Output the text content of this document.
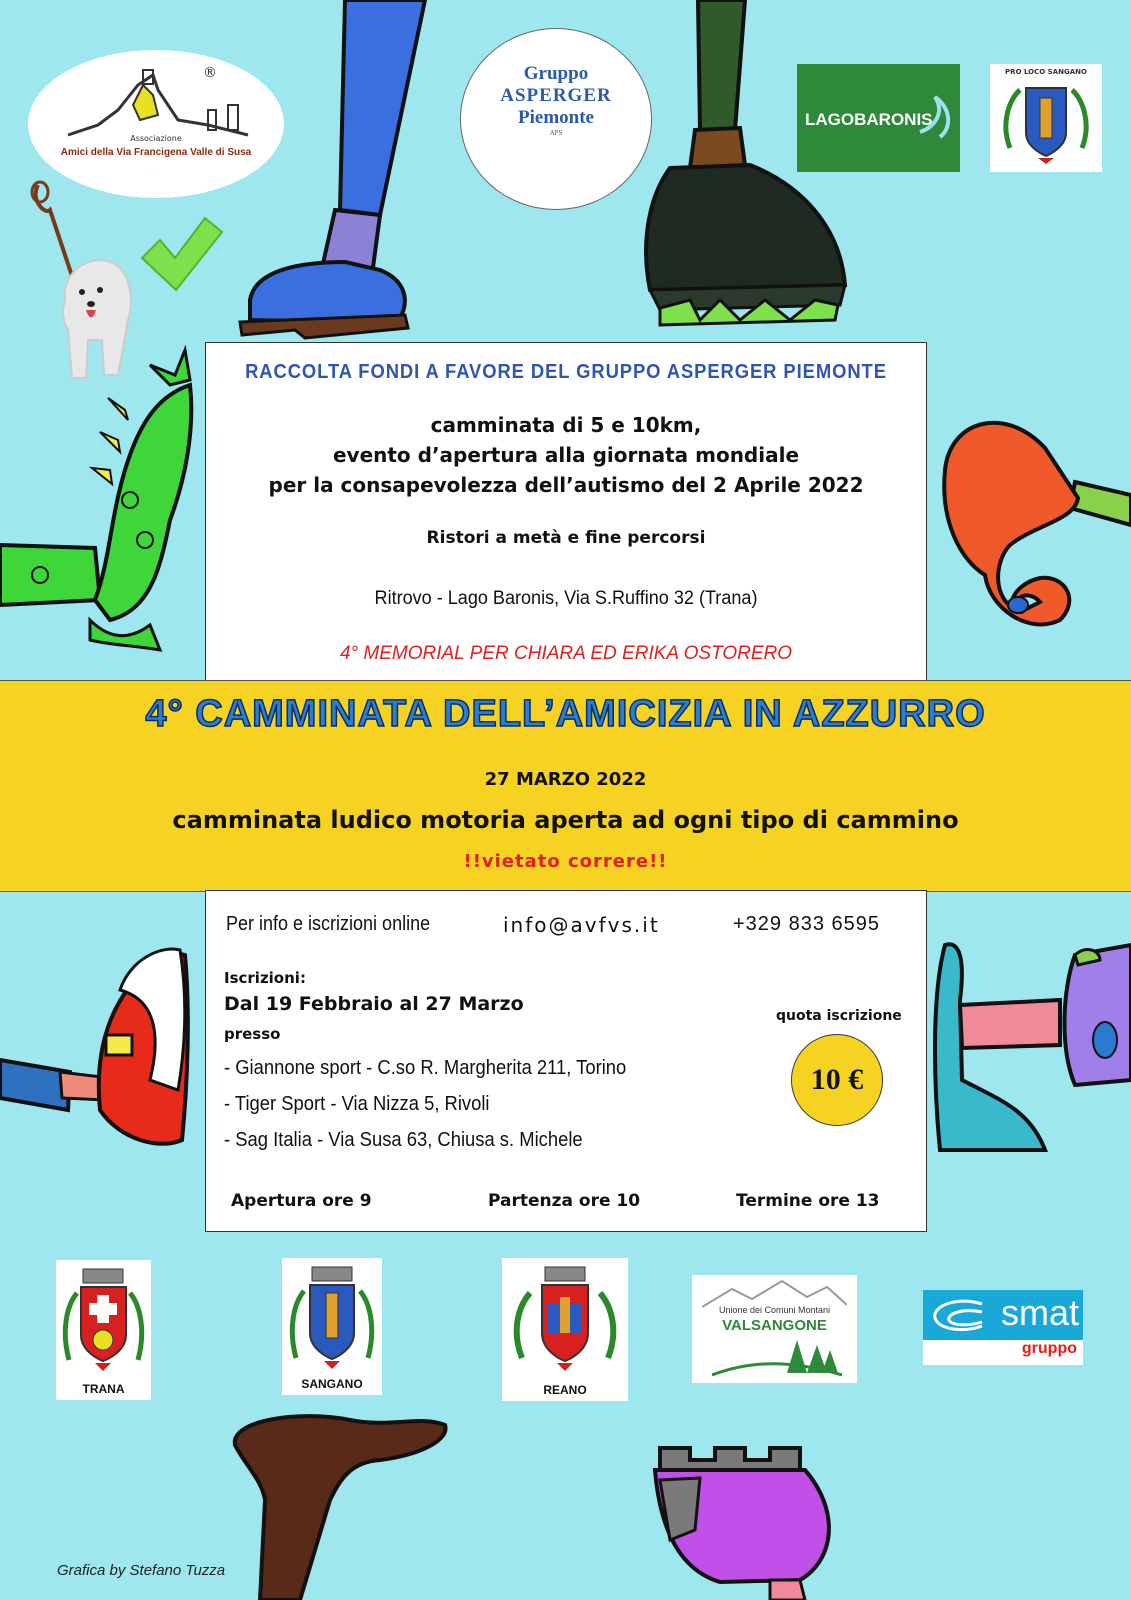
®
Associazione
Amici della Via Francigena Valle di Susa
Gruppo
ASPERGER
Piemonte
APS
LAGOBARONIS
PRO LOCO SANGANO
RACCOLTA FONDI A FAVORE DEL GRUPPO ASPERGER PIEMONTE
camminata di 5 e 10km,
evento d’apertura alla giornata mondiale
per la consapevolezza dell’autismo del 2 Aprile 2022
Ristori a metà e fine percorsi
Ritrovo - Lago Baronis, Via S.Ruffino 32 (Trana)
4° MEMORIAL PER CHIARA ED ERIKA OSTORERO
4° CAMMINATA DELL’AMICIZIA IN AZZURRO
27 MARZO 2022
camminata ludico motoria aperta ad ogni tipo di cammino
!!vietato correre!!
Per info e iscrizioni online	info@avfvs.it	+329 833 6595
Iscrizioni:
Dal 19 Febbraio al 27 Marzo
presso
- Giannone sport - C.so R. Margherita 211, Torino
- Tiger Sport - Via Nizza 5, Rivoli
- Sag Italia - Via Susa 63, Chiusa s. Michele
quota iscrizione
10 €
Apertura ore 9	Partenza ore 10	Termine ore 13
TRANA	SANGANO	REANO
Unione dei Comuni Montani
VALSANGONE	smat
gruppo
Grafica by Stefano Tuzza
